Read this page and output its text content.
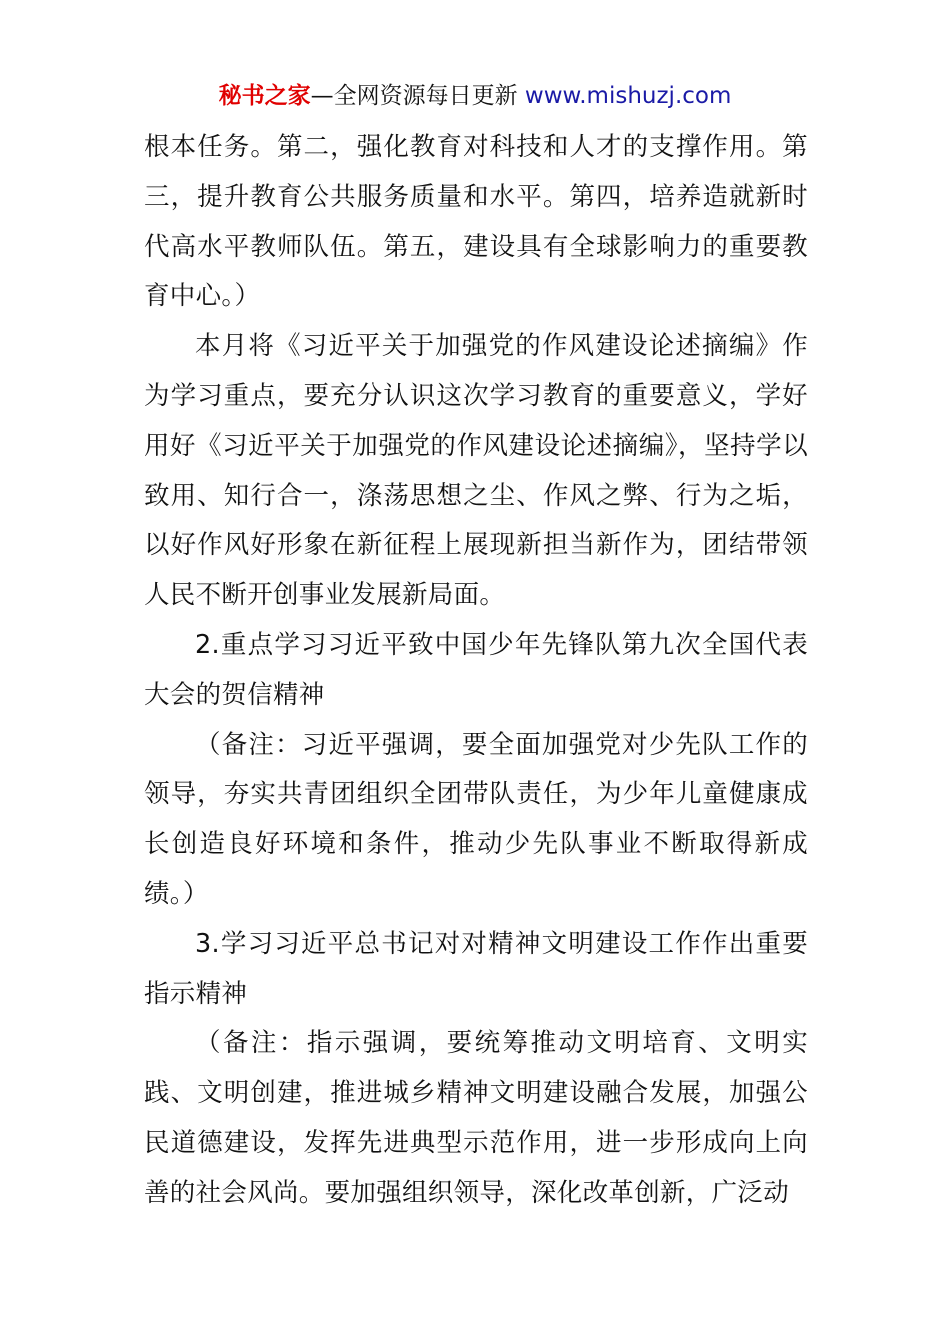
秘书之家—全网资源每日更新 www.mishuzj.com

根本任务。第二，强化教育对科技和人才的支撑作用。第三，提升教育公共服务质量和水平。第四，培养造就新时代高水平教师队伍。第五，建设具有全球影响力的重要教育中心。）

本月将《习近平关于加强党的作风建设论述摘编》作为学习重点，要充分认识这次学习教育的重要意义，学好用好《习近平关于加强党的作风建设论述摘编》，坚持学以致用、知行合一，涤荡思想之尘、作风之弊、行为之垢，以好作风好形象在新征程上展现新担当新作为，团结带领人民不断开创事业发展新局面。

2.重点学习习近平致中国少年先锋队第九次全国代表大会的贺信精神

（备注：习近平强调，要全面加强党对少先队工作的领导，夯实共青团组织全团带队责任，为少年儿童健康成长创造良好环境和条件，推动少先队事业不断取得新成绩。）

3.学习习近平总书记对对精神文明建设工作作出重要指示精神

（备注：指示强调，要统筹推动文明培育、文明实践、文明创建，推进城乡精神文明建设融合发展，加强公民道德建设，发挥先进典型示范作用，进一步形成向上向善的社会风尚。要加强组织领导，深化改革创新，广泛动
